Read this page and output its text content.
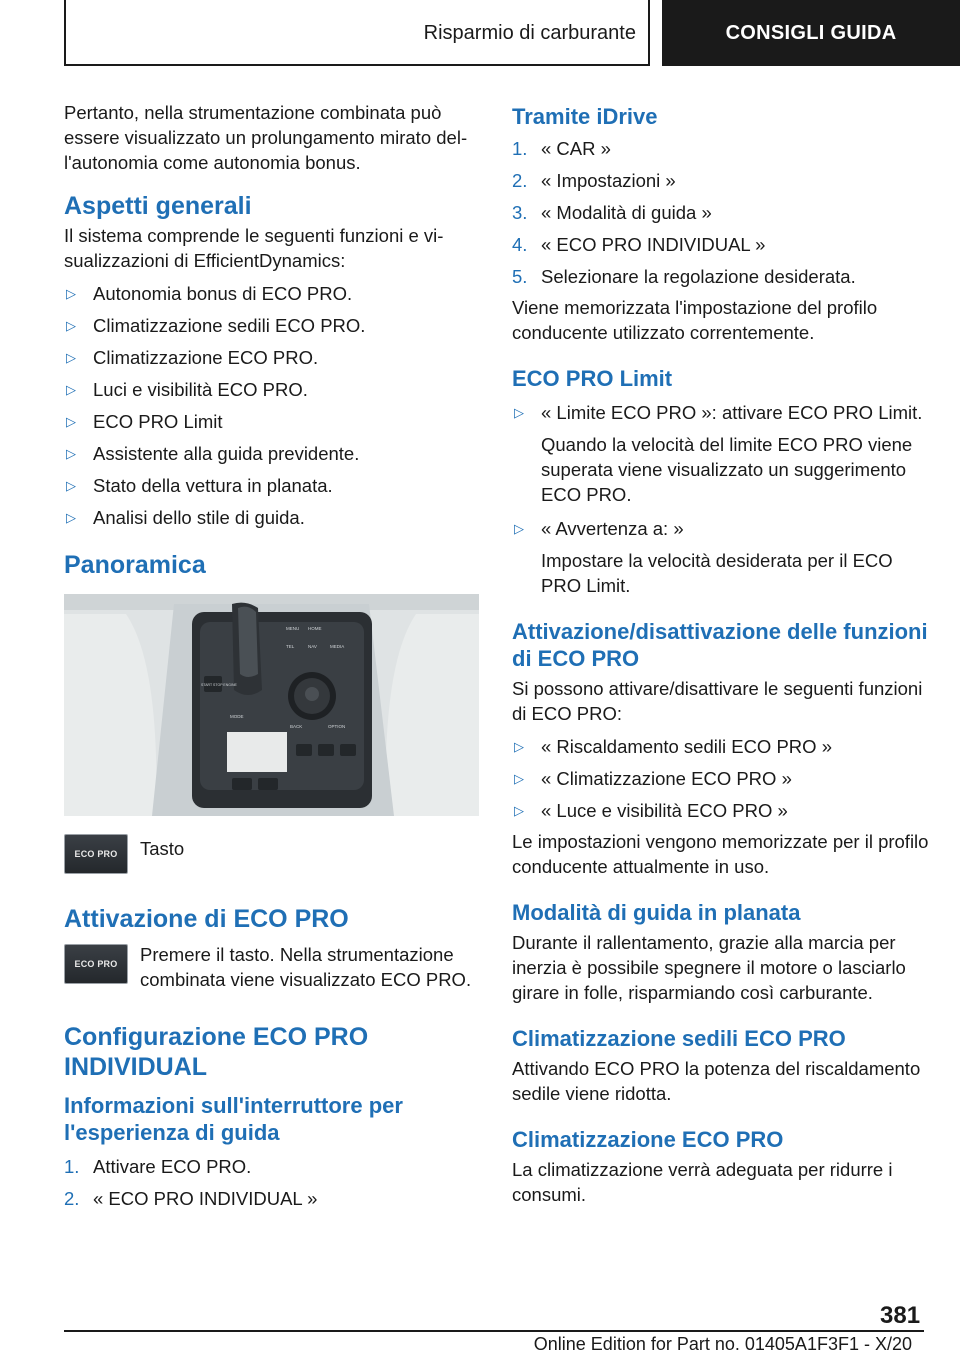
Risparmio di carburante	CONSIGLI GUIDA

Pertanto, nella strumentazione combinata può essere visualizzato un prolungamento mirato dell'autonomia come autonomia bonus.

Aspetti generali

Il sistema comprende le seguenti funzioni e visualizzazioni di EfficientDynamics:

▷ Autonomia bonus di ECO PRO.
▷ Climatizzazione sedili ECO PRO.
▷ Climatizzazione ECO PRO.
▷ Luci e visibilità ECO PRO.
▷ ECO PRO Limit
▷ Assistente alla guida previdente.
▷ Stato della vettura in planata.
▷ Analisi dello stile di guida.
Panoramica
MENU HOME
TEL	NAV	MEDIA
BACK	OPTION
START STOP ENGINE
MODE
ECO PRO	Tasto

Attivazione di ECO PRO
ECO PRO	Premere il tasto. Nella strumentazione combinata viene visualizzato ECO PRO.

Configurazione ECO PRO INDIVIDUAL
Informazioni sull'interruttore per l'esperienza di guida
1. Attivare ECO PRO.
2. « ECO PRO INDIVIDUAL »
Tramite iDrive
1. « CAR »
2. « Impostazioni »
3. « Modalità di guida »
4. « ECO PRO INDIVIDUAL »
5. Selezionare la regolazione desiderata.

Viene memorizzata l'impostazione del profilo conducente utilizzato correntemente.

ECO PRO Limit
▷ « Limite ECO PRO »: attivare ECO PRO Limit.
Quando la velocità del limite ECO PRO viene superata viene visualizzato un suggerimento ECO PRO.
▷ « Avvertenza a: »
Impostare la velocità desiderata per il ECO PRO Limit.
Attivazione/disattivazione delle funzioni di ECO PRO

Si possono attivare/disattivare le seguenti funzioni di ECO PRO:

▷ « Riscaldamento sedili ECO PRO »
▷ « Climatizzazione ECO PRO »
▷ « Luce e visibilità ECO PRO »

Le impostazioni vengono memorizzate per il profilo conducente attualmente in uso.

Modalità di guida in planata

Durante il rallentamento, grazie alla marcia per inerzia è possibile spegnere il motore o lasciarlo girare in folle, risparmiando così carburante.

Climatizzazione sedili ECO PRO

Attivando ECO PRO la potenza del riscaldamento sedile viene ridotta.

Climatizzazione ECO PRO

La climatizzazione verrà adeguata per ridurre i consumi.

381
Online Edition for Part no. 01405A1F3F1 - X/20
